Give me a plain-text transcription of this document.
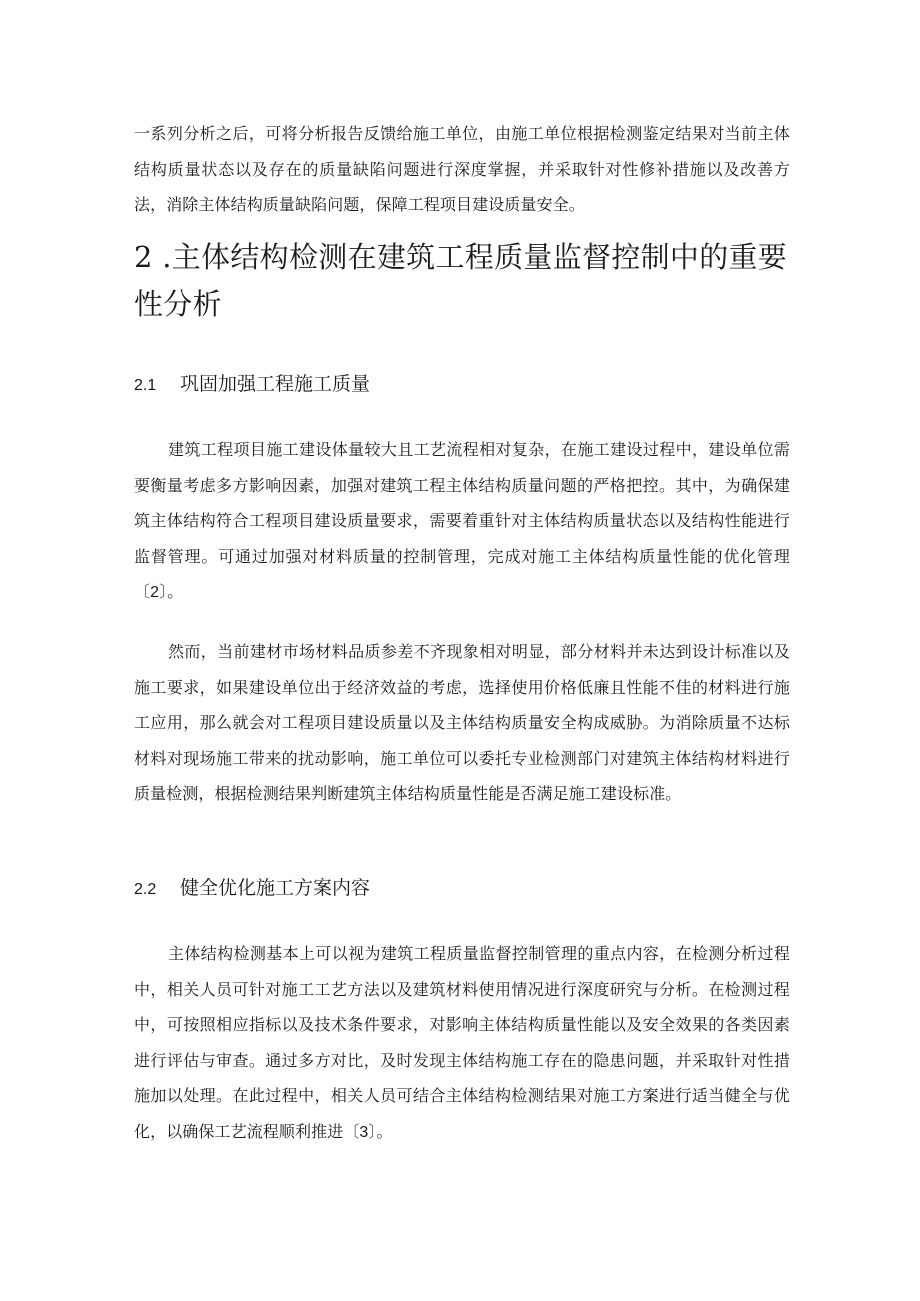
一系列分析之后，可将分析报告反馈给施工单位，由施工单位根据检测鉴定结果对当前主体结构质量状态以及存在的质量缺陷问题进行深度掌握，并采取针对性修补措施以及改善方法，消除主体结构质量缺陷问题，保障工程项目建设质量安全。

2 .主体结构检测在建筑工程质量监督控制中的重要性分析
2.1 巩固加强工程施工质量

建筑工程项目施工建设体量较大且工艺流程相对复杂，在施工建设过程中，建设单位需要衡量考虑多方影响因素，加强对建筑工程主体结构质量问题的严格把控。其中，为确保建筑主体结构符合工程项目建设质量要求，需要着重针对主体结构质量状态以及结构性能进行监督管理。可通过加强对材料质量的控制管理，完成对施工主体结构质量性能的优化管理〔2〕。

然而，当前建材市场材料品质参差不齐现象相对明显，部分材料并未达到设计标准以及施工要求，如果建设单位出于经济效益的考虑，选择使用价格低廉且性能不佳的材料进行施工应用，那么就会对工程项目建设质量以及主体结构质量安全构成威胁。为消除质量不达标材料对现场施工带来的扰动影响，施工单位可以委托专业检测部门对建筑主体结构材料进行质量检测，根据检测结果判断建筑主体结构质量性能是否满足施工建设标准。

2.2 健全优化施工方案内容

主体结构检测基本上可以视为建筑工程质量监督控制管理的重点内容，在检测分析过程中，相关人员可针对施工工艺方法以及建筑材料使用情况进行深度研究与分析。在检测过程中，可按照相应指标以及技术条件要求，对影响主体结构质量性能以及安全效果的各类因素进行评估与审查。通过多方对比，及时发现主体结构施工存在的隐患问题，并采取针对性措施加以处理。在此过程中，相关人员可结合主体结构检测结果对施工方案进行适当健全与优化，以确保工艺流程顺利推进〔3〕。
